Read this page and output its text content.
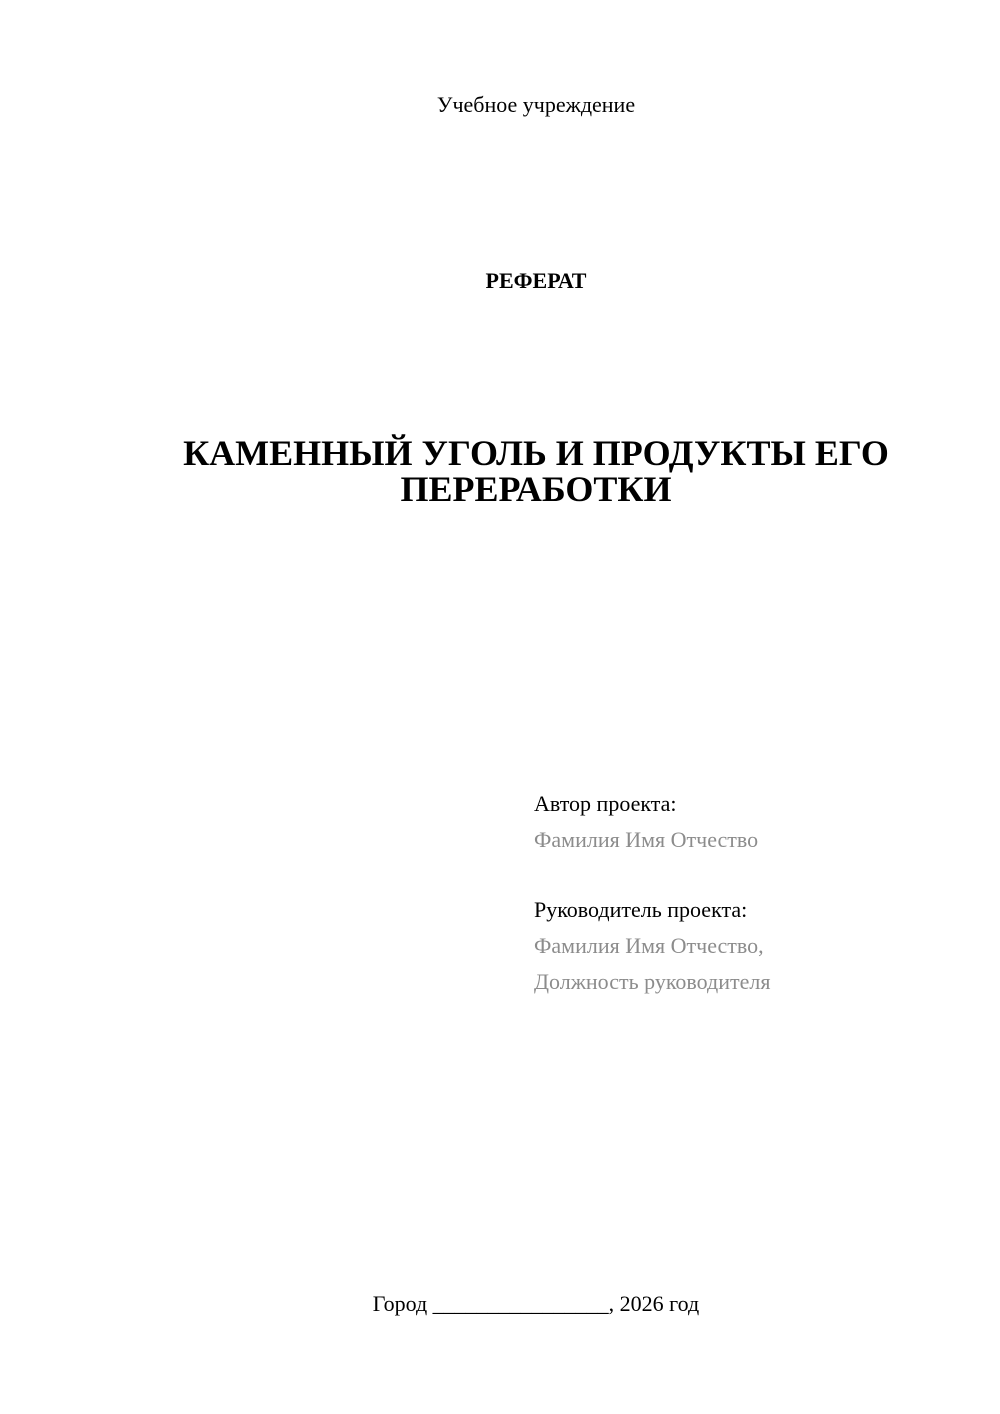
Учебное учреждение
РЕФЕРАТ
КАМЕННЫЙ УГОЛЬ И ПРОДУКТЫ ЕГО
ПЕРЕРАБОТКИ
Автор проекта:
Фамилия Имя Отчество
Руководитель проекта:
Фамилия Имя Отчество,
Должность руководителя
Город ________________, 2026 год
